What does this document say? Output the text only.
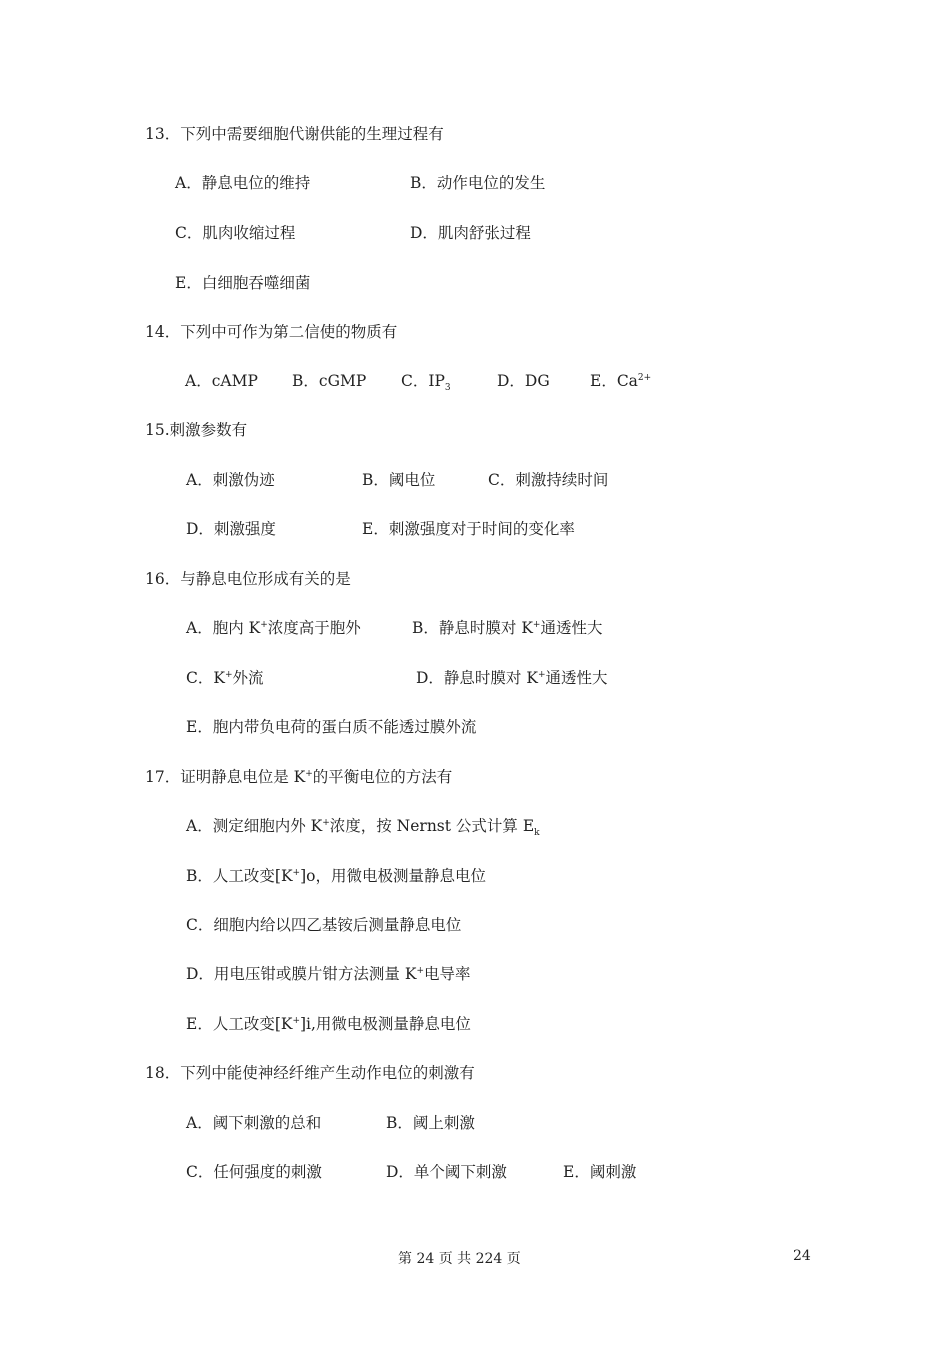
13．下列中需要细胞代谢供能的生理过程有
A．静息电位的维持	B．动作电位的发生
C．肌肉收缩过程	D．肌肉舒张过程
E．白细胞吞噬细菌
14．下列中可作为第二信使的物质有
A．cAMP B．cGMP C．$IP_3$	D．DG	E．$Ca^{2+}$
15.刺激参数有
A．刺激伪迹	B．阈电位	C．刺激持续时间
D．刺激强度	E．刺激强度对于时间的变化率
16．与静息电位形成有关的是
A．胞内 K+浓度高于胞外	B．静息时膜对 K+通透性大
C．K+外流	D．静息时膜对 K+通透性大
E．胞内带负电荷的蛋白质不能透过膜外流
17．证明静息电位是 K+的平衡电位的方法有
A．测定细胞内外 K+浓度，按 Nernst 公式计算 $E_k$
B．人工改变[K+]o，用微电极测量静息电位
C．细胞内给以四乙基铵后测量静息电位
D．用电压钳或膜片钳方法测量 K+电导率
E．人工改变[K+]i,用微电极测量静息电位
18．下列中能使神经纤维产生动作电位的刺激有
A．阈下刺激的总和	B．阈上刺激
C．任何强度的刺激	D．单个阈下刺激	E．阈刺激
第 24 页 共 224 页	24
